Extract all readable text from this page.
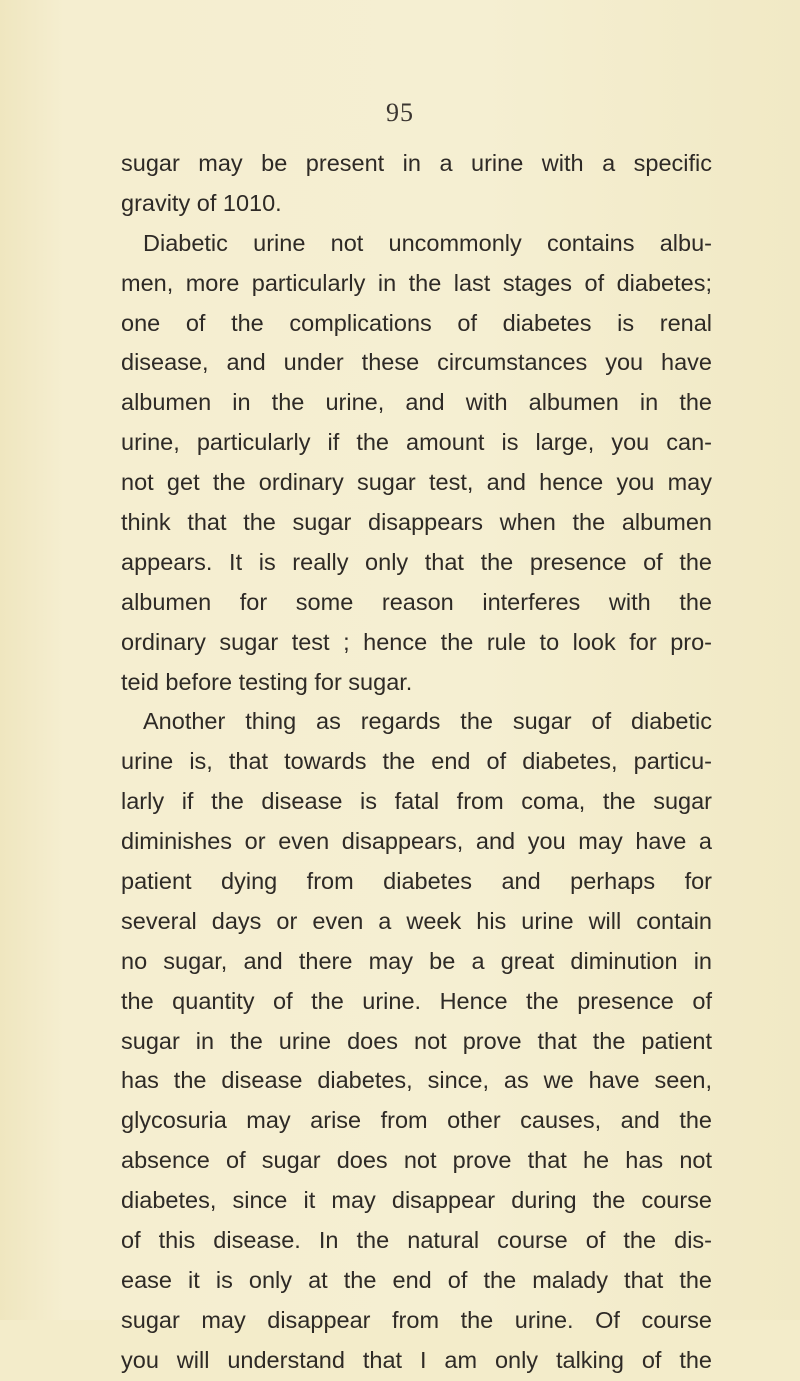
95
sugar may be present in a urine with a specific
gravity of 1010.
Diabetic urine not uncommonly contains albu-
men, more particularly in the last stages of diabetes;
one of the complications of diabetes is renal
disease, and under these circumstances you have
albumen in the urine, and with albumen in the
urine, particularly if the amount is large, you can-
not get the ordinary sugar test, and hence you may
think that the sugar disappears when the albumen
appears. It is really only that the presence of the
albumen for some reason interferes with the
ordinary sugar test ; hence the rule to look for pro-
teid before testing for sugar.
Another thing as regards the sugar of diabetic
urine is, that towards the end of diabetes, particu-
larly if the disease is fatal from coma, the sugar
diminishes or even disappears, and you may have a
patient dying from diabetes and perhaps for
several days or even a week his urine will contain
no sugar, and there may be a great diminution in
the quantity of the urine. Hence the presence of
sugar in the urine does not prove that the patient
has the disease diabetes, since, as we have seen,
glycosuria may arise from other causes, and the
absence of sugar does not prove that he has not
diabetes, since it may disappear during the course
of this disease. In the natural course of the dis-
ease it is only at the end of the malady that the
sugar may disappear from the urine. Of course
you will understand that I am only talking of the
